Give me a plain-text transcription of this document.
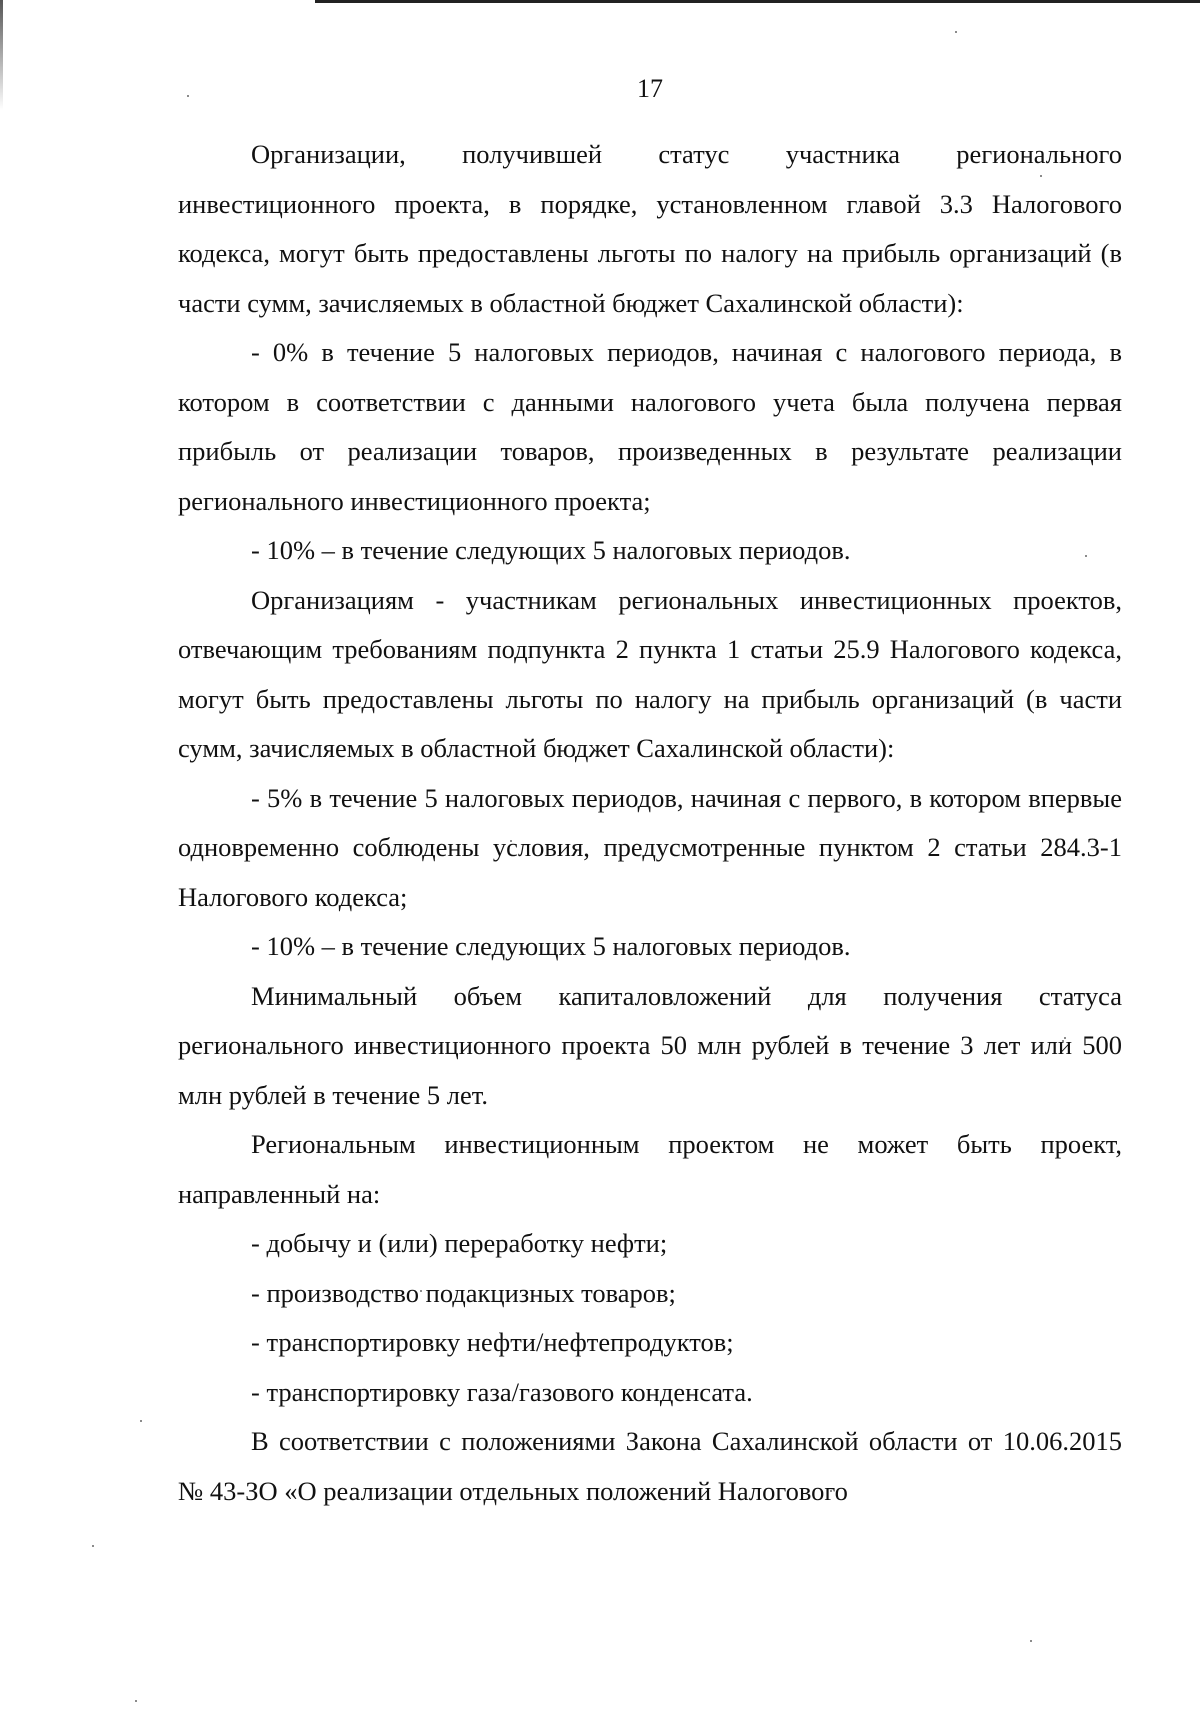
17

Организации, получившей статус участника регионального инвестиционного проекта, в порядке, установленном главой 3.3 Налогового кодекса, могут быть предоставлены льготы по налогу на прибыль организаций (в части сумм, зачисляемых в областной бюджет Сахалинской области):

- 0% в течение 5 налоговых периодов, начиная с налогового периода, в котором в соответствии с данными налогового учета была получена первая прибыль от реализации товаров, произведенных в результате реализации регионального инвестиционного проекта;

- 10% – в течение следующих 5 налоговых периодов.

Организациям - участникам региональных инвестиционных проектов, отвечающим требованиям подпункта 2 пункта 1 статьи 25.9 Налогового кодекса, могут быть предоставлены льготы по налогу на прибыль организаций (в части сумм, зачисляемых в областной бюджет Сахалинской области):

- 5% в течение 5 налоговых периодов, начиная с первого, в котором впервые одновременно соблюдены условия, предусмотренные пунктом 2 статьи 284.3-1 Налогового кодекса;

- 10% – в течение следующих 5 налоговых периодов.

Минимальный объем капиталовложений для получения статуса регионального инвестиционного проекта 50 млн рублей в течение 3 лет или 500 млн рублей в течение 5 лет.

Региональным инвестиционным проектом не может быть проект, направленный на:

- добычу и (или) переработку нефти;

- производство подакцизных товаров;

- транспортировку нефти/нефтепродуктов;

- транспортировку газа/газового конденсата.

В соответствии с положениями Закона Сахалинской области от 10.06.2015 № 43-ЗО «О реализации отдельных положений Налогового
